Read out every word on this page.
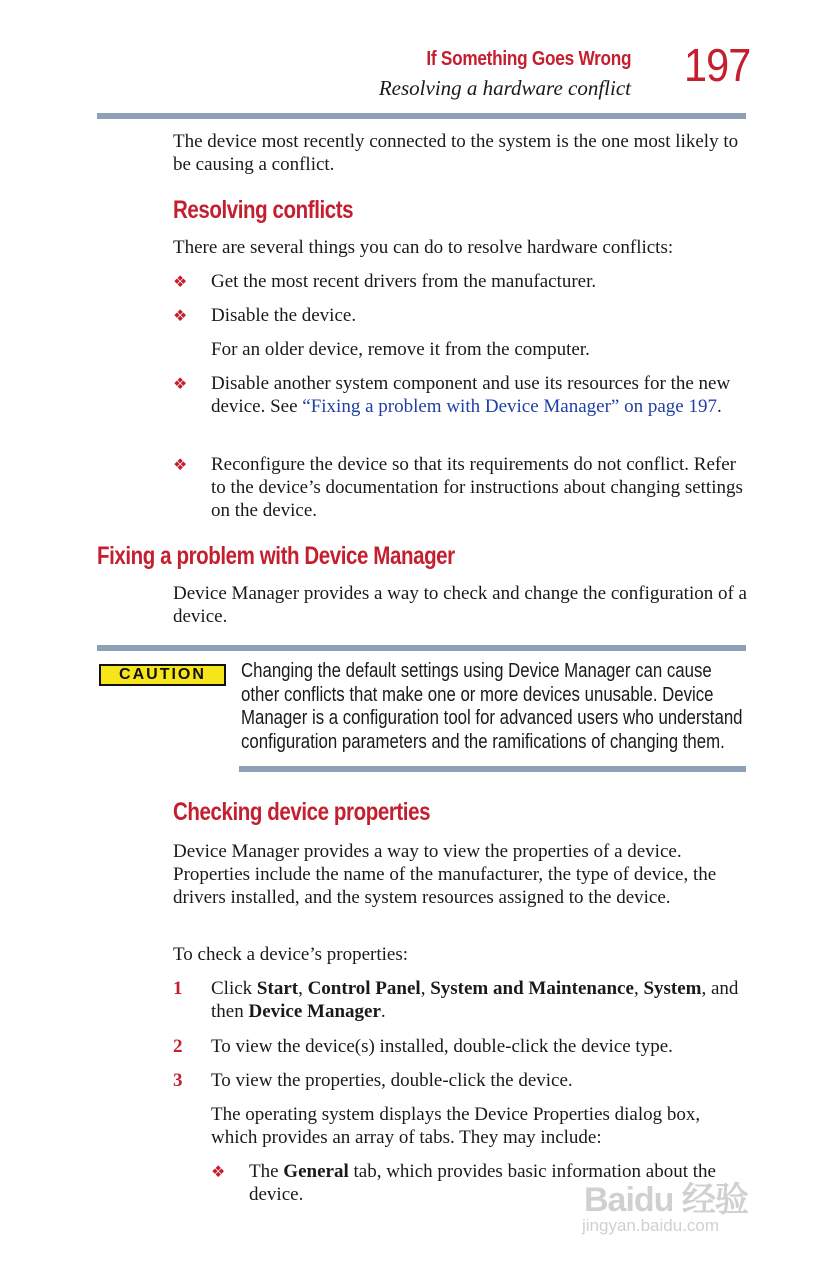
If Something Goes Wrong
Resolving a hardware conflict 197

The device most recently connected to the system is the one most likely to be causing a conflict.

Resolving conflicts

There are several things you can do to resolve hardware conflicts:

❖	Get the most recent drivers from the manufacturer.
❖	Disable the device.
For an older device, remove it from the computer.
❖	Disable another system component and use its resources for the new device. See “Fixing a problem with Device Manager” on page 197.
❖	Reconfigure the device so that its requirements do not conflict. Refer to the device’s documentation for instructions about changing settings on the device.
Fixing a problem with Device Manager

Device Manager provides a way to check and change the configuration of a device.

CAUTION	Changing the default settings using Device Manager can cause other conflicts that make one or more devices unusable. Device Manager is a configuration tool for advanced users who understand configuration parameters and the ramifications of changing them.

Checking device properties

Device Manager provides a way to view the properties of a device. Properties include the name of the manufacturer, the type of device, the drivers installed, and the system resources assigned to the device.

To check a device’s properties:

1	Click Start, Control Panel, System and Maintenance, System, and then Device Manager.
2	To view the device(s) installed, double-click the device type.
3	To view the properties, double-click the device.
The operating system displays the Device Properties dialog box, which provides an array of tabs. They may include:
❖	The General tab, which provides basic information about the device.	Baidu 经验
jingyan.baidu.com
